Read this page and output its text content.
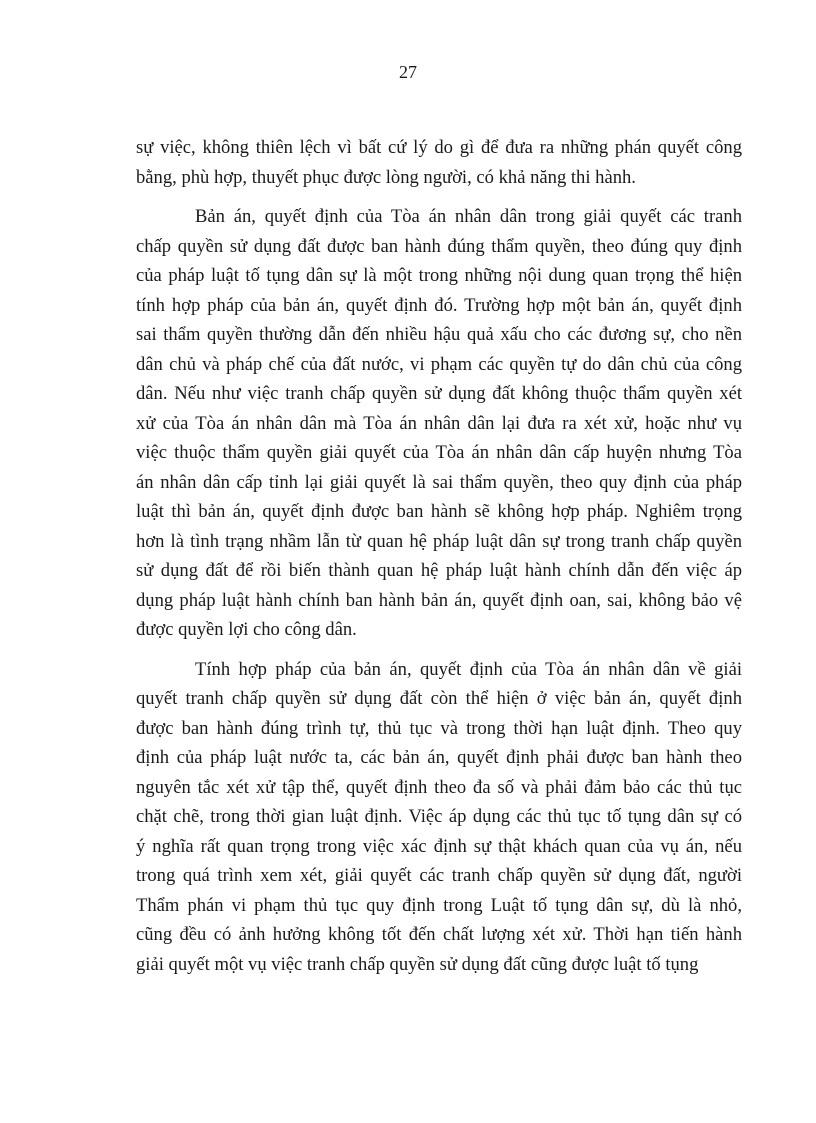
27
sự việc, không thiên lệch vì bất cứ lý do gì để đưa ra những phán quyết công
bằng, phù hợp, thuyết phục được lòng người, có khả năng thi hành.
Bản án, quyết định của Tòa án nhân dân trong giải quyết các tranh
chấp quyền sử dụng đất được ban hành đúng thẩm quyền, theo đúng quy định
của pháp luật tố tụng dân sự là một trong những nội dung quan trọng thể hiện
tính hợp pháp của bản án, quyết định đó. Trường hợp một bản án, quyết định
sai thẩm quyền thường dẫn đến nhiều hậu quả xấu cho các đương sự, cho nền
dân chủ và pháp chế của đất nước, vi phạm các quyền tự do dân chủ của công
dân. Nếu như việc tranh chấp quyền sử dụng đất không thuộc thẩm quyền xét
xử của Tòa án nhân dân mà Tòa án nhân dân lại đưa ra xét xử, hoặc như vụ
việc thuộc thẩm quyền giải quyết của Tòa án nhân dân cấp huyện nhưng Tòa
án nhân dân cấp tỉnh lại giải quyết là sai thẩm quyền, theo quy định của pháp
luật thì bản án, quyết định được ban hành sẽ không hợp pháp. Nghiêm trọng
hơn là tình trạng nhầm lẫn từ quan hệ pháp luật dân sự trong tranh chấp quyền
sử dụng đất để rồi biến thành quan hệ pháp luật hành chính dẫn đến việc áp
dụng pháp luật hành chính ban hành bản án, quyết định oan, sai, không bảo vệ
được quyền lợi cho công dân.
Tính hợp pháp của bản án, quyết định của Tòa án nhân dân về giải
quyết tranh chấp quyền sử dụng đất còn thể hiện ở việc bản án, quyết định
được ban hành đúng trình tự, thủ tục và trong thời hạn luật định. Theo quy
định của pháp luật nước ta, các bản án, quyết định phải được ban hành theo
nguyên tắc xét xử tập thể, quyết định theo đa số và phải đảm bảo các thủ tục
chặt chẽ, trong thời gian luật định. Việc áp dụng các thủ tục tố tụng dân sự có
ý nghĩa rất quan trọng trong việc xác định sự thật khách quan của vụ án, nếu
trong quá trình xem xét, giải quyết các tranh chấp quyền sử dụng đất, người
Thẩm phán vi phạm thủ tục quy định trong Luật tố tụng dân sự, dù là nhỏ,
cũng đều có ảnh hưởng không tốt đến chất lượng xét xử. Thời hạn tiến hành
giải quyết một vụ việc tranh chấp quyền sử dụng đất cũng được luật tố tụng
